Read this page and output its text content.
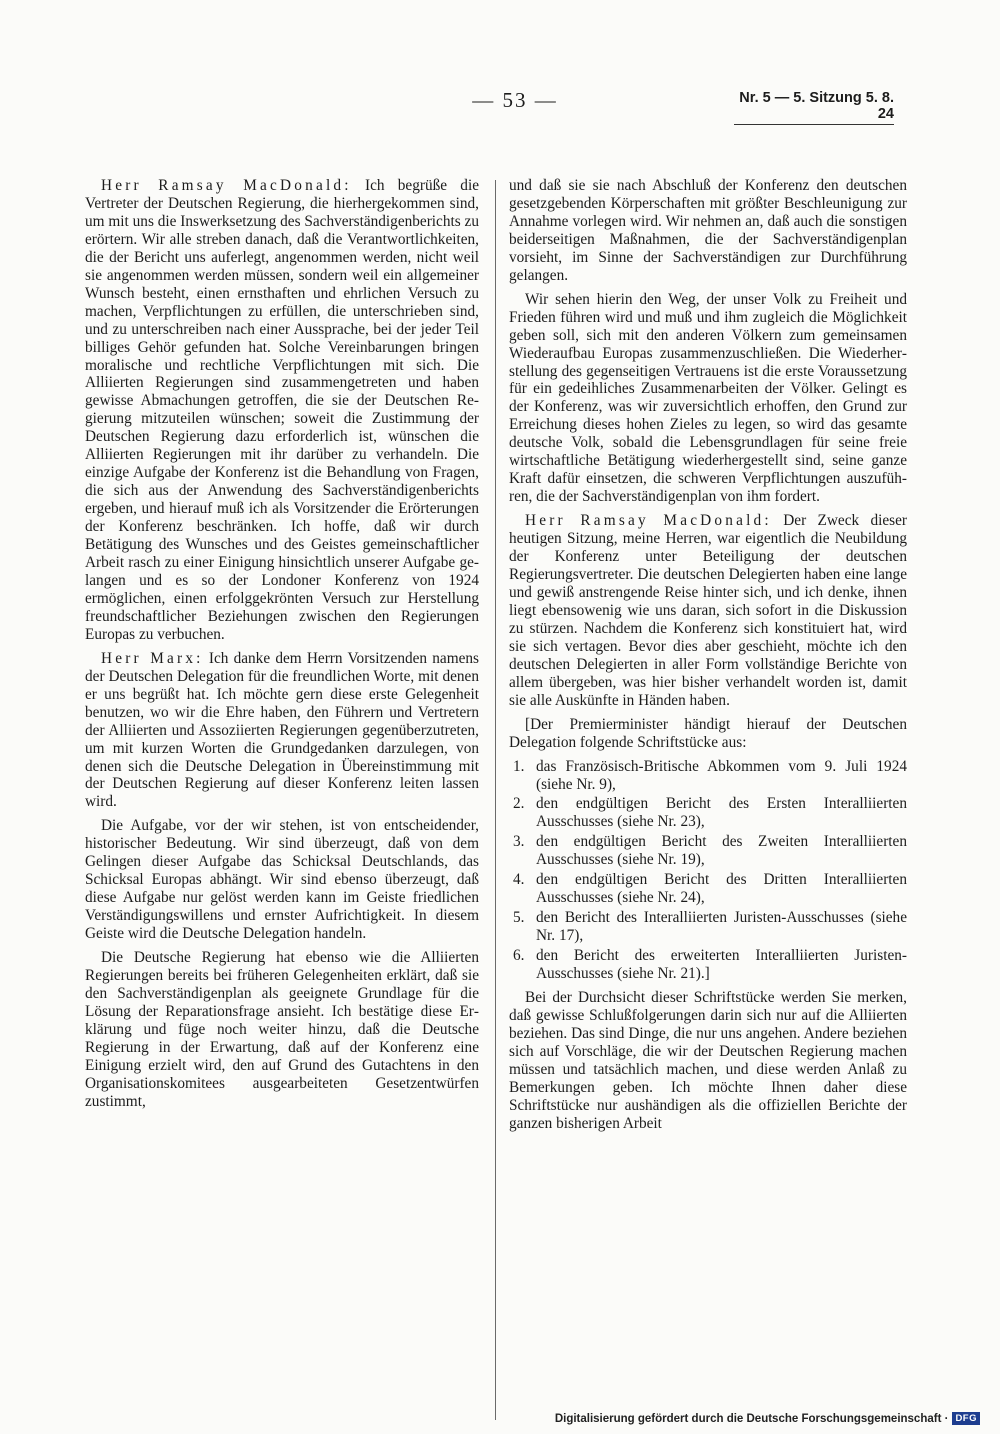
— 53 —	Nr. 5 — 5. Sitzung 5. 8. 24

Herr Ramsay MacDonald: Ich begrüße die Vertreter der Deutschen Regierung, die hierhergekommen sind, um mit uns die Inswerksetzung des Sachverständigenberichts zu erörtern. Wir alle streben danach, daß die Verantwortlichkeiten, die der Bericht uns auferlegt, angenommen werden, nicht weil sie angenommen werden müssen, sondern weil ein allgemeiner Wunsch besteht, einen ernsthaften und ehrlichen Versuch zu machen, Verpflichtungen zu erfüllen, die unterschrieben sind, und zu unterschreiben nach einer Aussprache, bei der jeder Teil billiges Gehör gefunden hat. Solche Vereinbarungen bringen moralische und rechtliche Verpflichtungen mit sich. Die Alliierten Regierungen sind zusammengetreten und haben gewisse Abmachungen getroffen, die sie der Deutschen Regierung mitzuteilen wünschen; soweit die Zustimmung der Deutschen Regierung dazu erforderlich ist, wünschen die Alliierten Regierungen mit ihr darüber zu verhandeln. Die einzige Aufgabe der Konferenz ist die Behandlung von Fragen, die sich aus der Anwendung des Sachverständigenberichts ergeben, und hierauf muß ich als Vorsitzender die Erörterungen der Konferenz beschränken. Ich hoffe, daß wir durch Betätigung des Wunsches und des Geistes gemeinschaftlicher Arbeit rasch zu einer Einigung hinsichtlich unserer Aufgabe gelangen und es so der Londoner Konferenz von 1924 ermöglichen, einen erfolggekrönten Versuch zur Herstellung freundschaftlicher Beziehungen zwischen den Regierungen Europas zu verbuchen.

Herr Marx: Ich danke dem Herrn Vorsitzenden namens der Deutschen Delegation für die freundlichen Worte, mit denen er uns begrüßt hat. Ich möchte gern diese erste Gelegenheit benutzen, wo wir die Ehre haben, den Führern und Vertretern der Alliierten und Assoziierten Regierungen gegenüberzutreten, um mit kurzen Worten die Grundgedanken darzulegen, von denen sich die Deutsche Delegation in Übereinstimmung mit der Deutschen Regierung auf dieser Konferenz leiten lassen wird.

Die Aufgabe, vor der wir stehen, ist von entscheidender, historischer Bedeutung. Wir sind überzeugt, daß von dem Gelingen dieser Aufgabe das Schicksal Deutschlands, das Schicksal Europas abhängt. Wir sind ebenso überzeugt, daß diese Aufgabe nur gelöst werden kann im Geiste friedlichen Verständigungswillens und ernster Aufrichtigkeit. In diesem Geiste wird die Deutsche Delegation handeln.

Die Deutsche Regierung hat ebenso wie die Alliierten Regierungen bereits bei früheren Gelegenheiten erklärt, daß sie den Sachverständigenplan als geeignete Grundlage für die Lösung der Reparationsfrage ansieht. Ich bestätige diese Erklärung und füge noch weiter hinzu, daß die Deutsche Regierung in der Erwartung, daß auf der Konferenz eine Einigung erzielt wird, den auf Grund des Gutachtens in den Organisationskomitees ausgearbeiteten Gesetzentwürfen zustimmt,

und daß sie sie nach Abschluß der Konferenz den deutschen gesetzgebenden Körperschaften mit größter Beschleunigung zur Annahme vorlegen wird. Wir nehmen an, daß auch die sonstigen beiderseitigen Maßnahmen, die der Sachverständigenplan vorsieht, im Sinne der Sachverständigen zur Durchführung gelangen.

Wir sehen hierin den Weg, der unser Volk zu Freiheit und Frieden führen wird und muß und ihm zugleich die Möglichkeit geben soll, sich mit den anderen Völkern zum gemeinsamen Wiederaufbau Europas zusammenzuschließen. Die Wiederherstellung des gegenseitigen Vertrauens ist die erste Voraussetzung für ein gedeihliches Zusammenarbeiten der Völker. Gelingt es der Konferenz, was wir zuversichtlich erhoffen, den Grund zur Erreichung dieses hohen Zieles zu legen, so wird das gesamte deutsche Volk, sobald die Lebensgrundlagen für seine freie wirtschaftliche Betätigung wiederhergestellt sind, seine ganze Kraft dafür einsetzen, die schweren Verpflichtungen auszuführen, die der Sachverständigenplan von ihm fordert.

Herr Ramsay MacDonald: Der Zweck dieser heutigen Sitzung, meine Herren, war eigentlich die Neubildung der Konferenz unter Beteiligung der deutschen Regierungsvertreter. Die deutschen Delegierten haben eine lange und gewiß anstrengende Reise hinter sich, und ich denke, ihnen liegt ebensowenig wie uns daran, sich sofort in die Diskussion zu stürzen. Nachdem die Konferenz sich konstituiert hat, wird sie sich vertagen. Bevor dies aber geschieht, möchte ich den deutschen Delegierten in aller Form vollständige Berichte von allem übergeben, was hier bisher verhandelt worden ist, damit sie alle Auskünfte in Händen haben.

[Der Premierminister händigt hierauf der Deutschen Delegation folgende Schriftstücke aus:

1. das Französisch-Britische Abkommen vom 9. Juli 1924 (siehe Nr. 9),
2. den endgültigen Bericht des Ersten Interalliierten Ausschusses (siehe Nr. 23),
3. den endgültigen Bericht des Zweiten Interalliierten Ausschusses (siehe Nr. 19),
4. den endgültigen Bericht des Dritten Interalliierten Ausschusses (siehe Nr. 24),
5. den Bericht des Interalliierten Juristen-Ausschusses (siehe Nr. 17),
6. den Bericht des erweiterten Interalliierten Juristen-Ausschusses (siehe Nr. 21).]

Bei der Durchsicht dieser Schriftstücke werden Sie merken, daß gewisse Schlußfolgerungen darin sich nur auf die Alliierten beziehen. Das sind Dinge, die nur uns angehen. Andere beziehen sich auf Vorschläge, die wir der Deutschen Regierung machen müssen und tatsächlich machen, und diese werden Anlaß zu Bemerkungen geben. Ich möchte Ihnen daher diese Schriftstücke nur aushändigen als die offiziellen Berichte der ganzen bisherigen Arbeit

Digitalisierung gefördert durch die Deutsche Forschungsgemeinschaft · DFG
